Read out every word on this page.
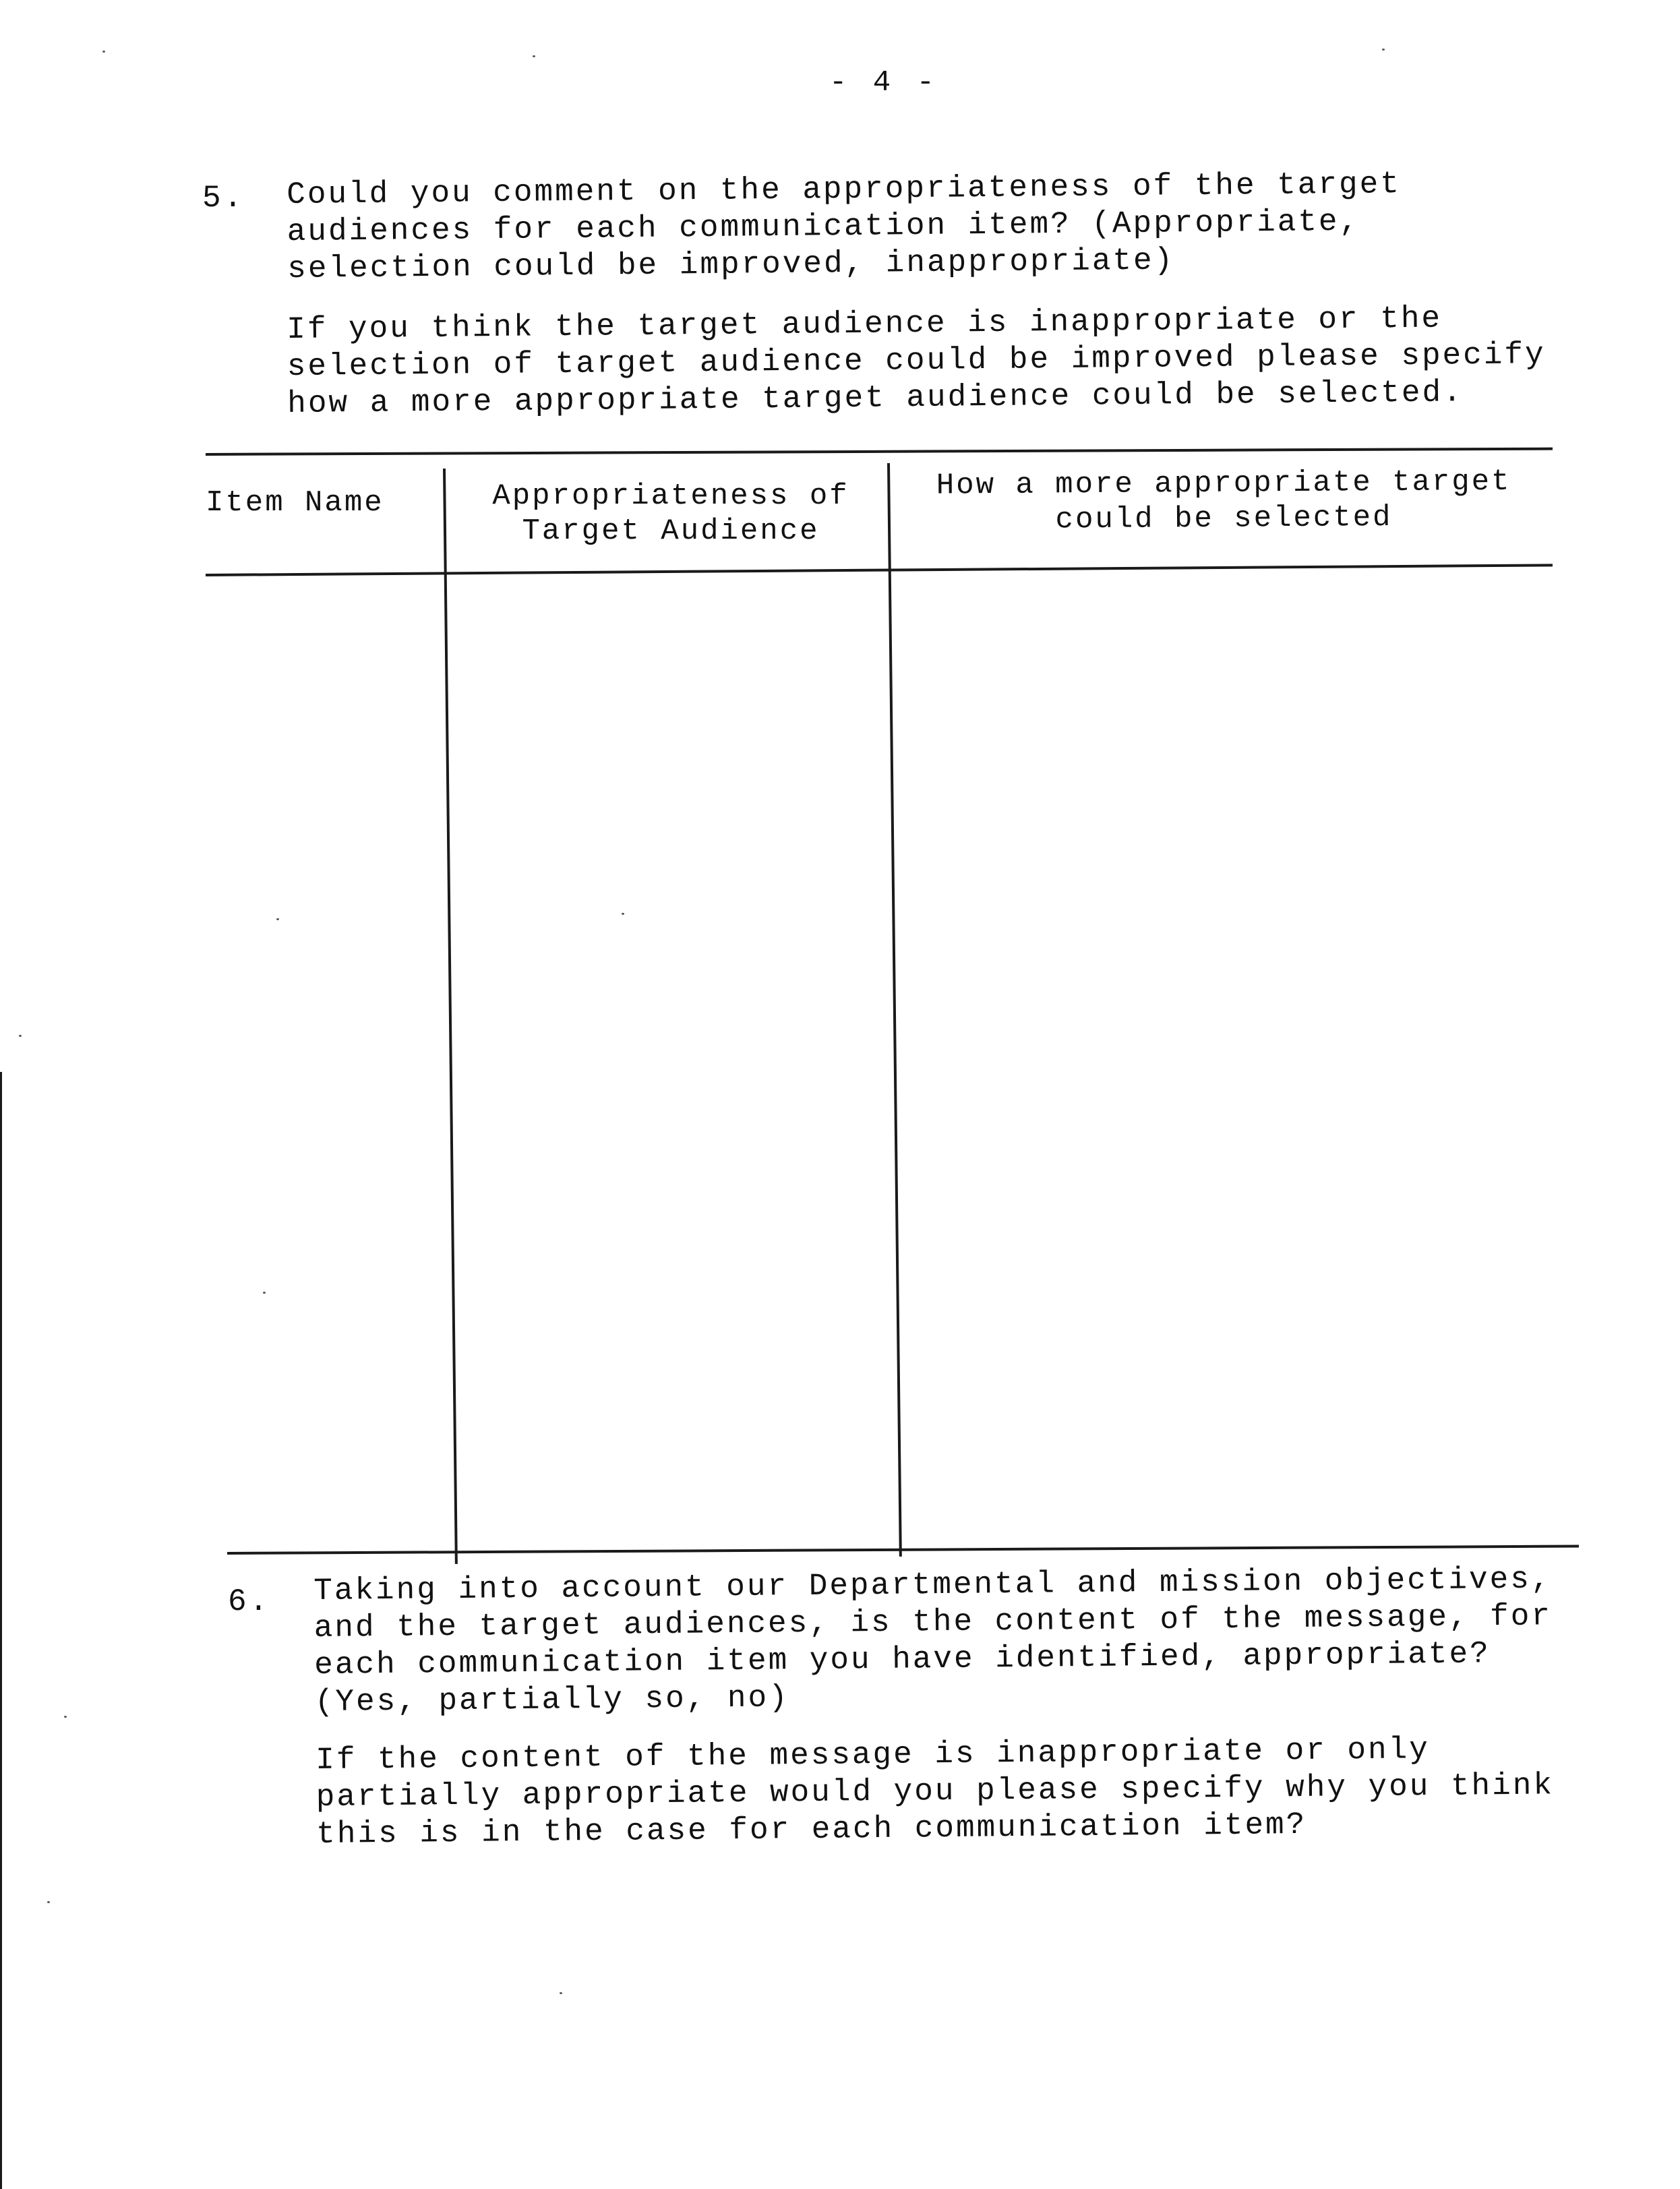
- 4 -
5. Could you comment on the appropriateness of the target
audiences for each communication item? (Appropriate,
selection could be improved, inappropriate)
If you think the target audience is inappropriate or the
selection of target audience could be improved please specify
how a more appropriate target audience could be selected.
Item Name	Appropriateness of
Target Audience
How a more appropriate target
could be selected
6. Taking into account our Departmental and mission objectives,
and the target audiences, is the content of the message, for
each communication item you have identified, appropriate?
(Yes, partially so, no)
If the content of the message is inappropriate or only
partially appropriate would you please specify why you think
this is in the case for each communication item?
